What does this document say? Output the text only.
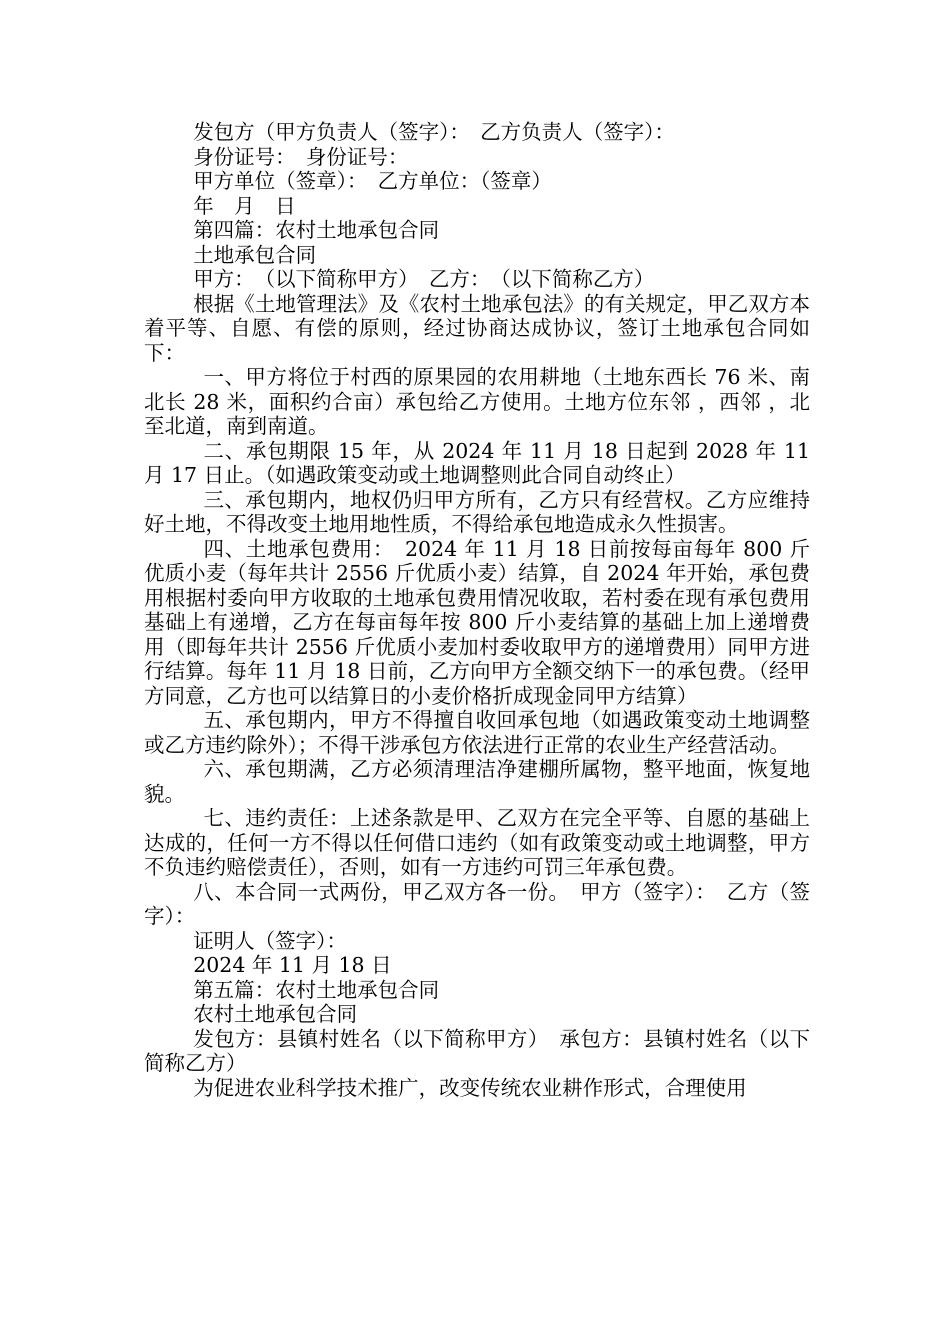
发包方（甲方负责人（签字）：　乙方负责人（签字）：

身份证号：　身份证号：

甲方单位（签章）：　乙方单位：（签章）

年　月　日

第四篇：农村土地承包合同

土地承包合同

甲方：　（以下简称甲方）　乙方：　（以下简称乙方）

根据《土地管理法》及《农村土地承包法》的有关规定，甲乙双方本着平等、自愿、有偿的原则，经过协商达成协议，签订土地承包合同如下：

一、甲方将位于村西的原果园的农用耕地（土地东西长 76 米、南北长 28 米，面积约合亩）承包给乙方使用。土地方位东邻 ，西邻 ，北至北道，南到南道。

二、承包期限 15 年，从 2024 年 11 月 18 日起到 2028 年 11 月 17 日止。（如遇政策变动或土地调整则此合同自动终止）

三、承包期内，地权仍归甲方所有，乙方只有经营权。乙方应维持好土地，不得改变土地用地性质，不得给承包地造成永久性损害。

四、土地承包费用：　2024 年 11 月 18 日前按每亩每年 800 斤优质小麦（每年共计 2556 斤优质小麦）结算，自 2024 年开始，承包费用根据村委向甲方收取的土地承包费用情况收取，若村委在现有承包费用基础上有递增，乙方在每亩每年按 800 斤小麦结算的基础上加上递增费用（即每年共计 2556 斤优质小麦加村委收取甲方的递增费用）同甲方进行结算。每年 11 月 18 日前，乙方向甲方全额交纳下一的承包费。（经甲方同意，乙方也可以结算日的小麦价格折成现金同甲方结算）

五、承包期内，甲方不得擅自收回承包地（如遇政策变动土地调整或乙方违约除外）；不得干涉承包方依法进行正常的农业生产经营活动。

六、承包期满，乙方必须清理洁净建棚所属物，整平地面，恢复地貌。

七、违约责任：上述条款是甲、乙双方在完全平等、自愿的基础上达成的，任何一方不得以任何借口违约（如有政策变动或土地调整，甲方不负违约赔偿责任），否则，如有一方违约可罚三年承包费。

八、本合同一式两份，甲乙双方各一份。　甲方（签字）：　乙方（签字）：

证明人（签字）：

2024 年 11 月 18 日

第五篇：农村土地承包合同

农村土地承包合同

发包方：县镇村姓名（以下简称甲方）　承包方：县镇村姓名（以下简称乙方）

为促进农业科学技术推广，改变传统农业耕作形式，合理使用
